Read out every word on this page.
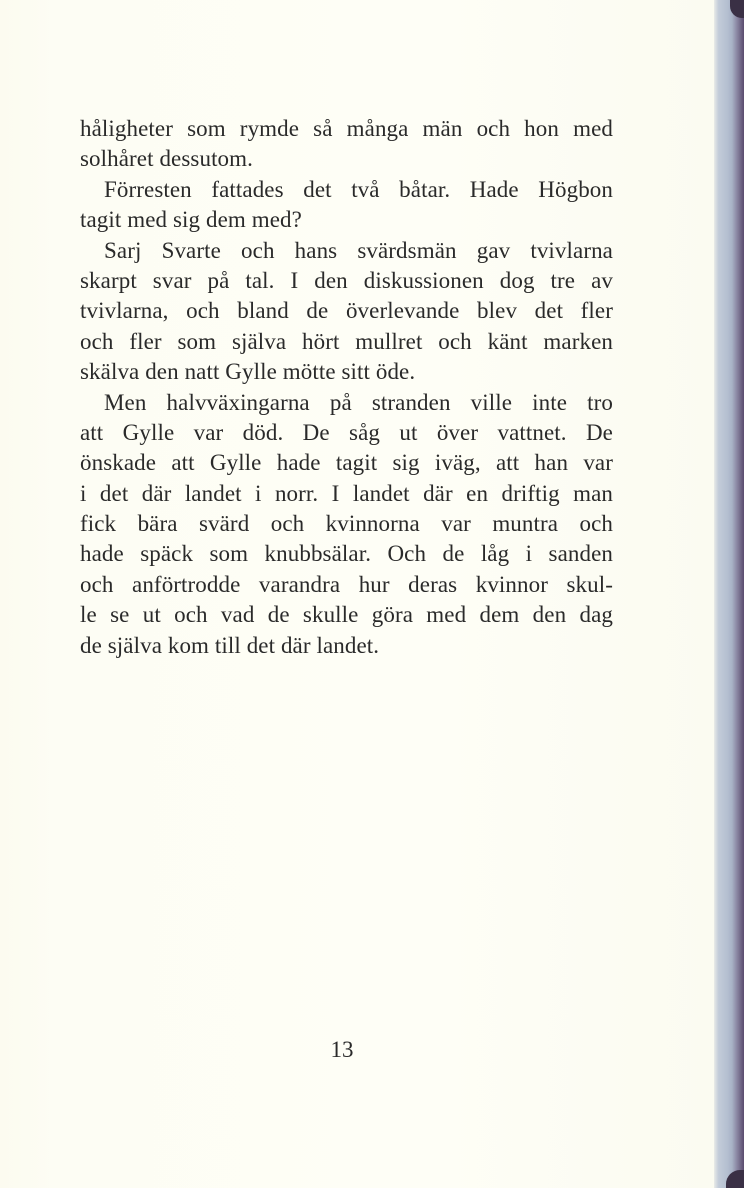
håligheter som rymde så många män och hon med
solhåret dessutom.
Förresten fattades det två båtar. Hade Högbon
tagit med sig dem med?
Sarj Svarte och hans svärdsmän gav tvivlarna
skarpt svar på tal. I den diskussionen dog tre av
tvivlarna, och bland de överlevande blev det fler
och fler som själva hört mullret och känt marken
skälva den natt Gylle mötte sitt öde.
Men halvväxingarna på stranden ville inte tro
att Gylle var död. De såg ut över vattnet. De
önskade att Gylle hade tagit sig iväg, att han var
i det där landet i norr. I landet där en driftig man
fick bära svärd och kvinnorna var muntra och
hade späck som knubbsälar. Och de låg i sanden
och anförtrodde varandra hur deras kvinnor skul-
le se ut och vad de skulle göra med dem den dag
de själva kom till det där landet.
13
